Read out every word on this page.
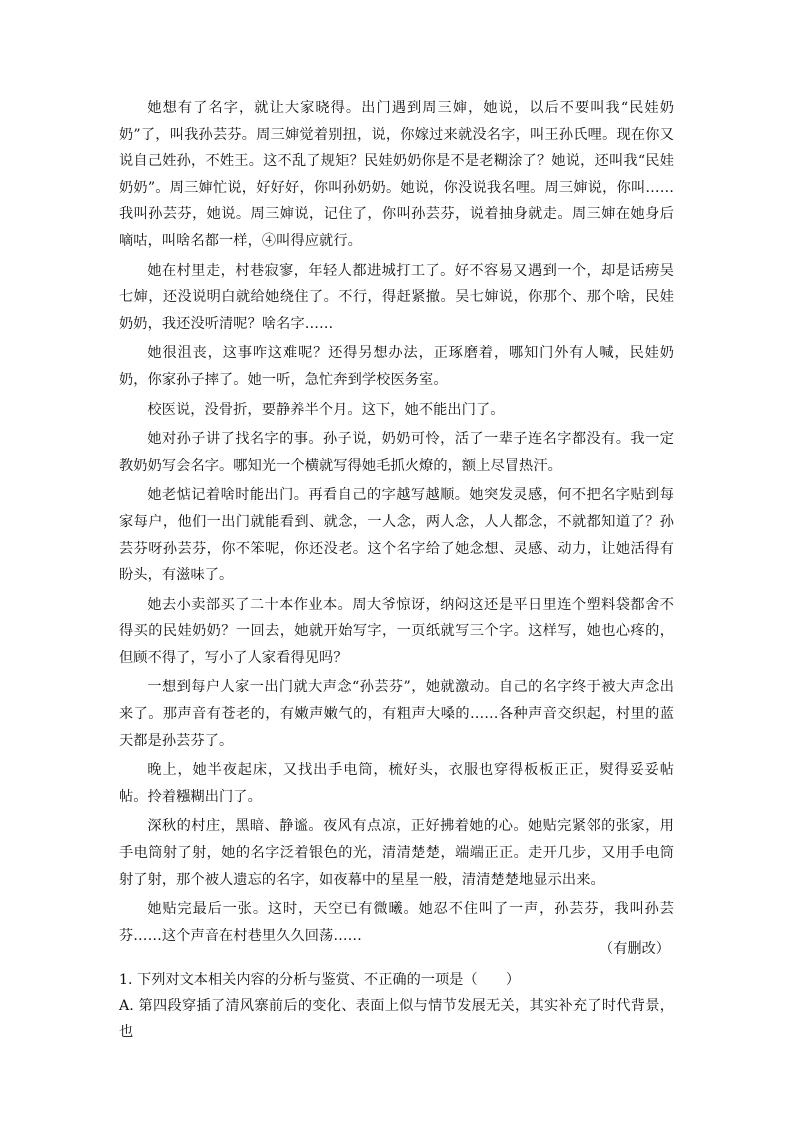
她想有了名字，就让大家晓得。出门遇到周三婶，她说，以后不要叫我“民娃奶奶”了，叫我孙芸芬。周三婶觉着别扭，说，你嫁过来就没名字，叫王孙氏哩。现在你又说自己姓孙，不姓王。这不乱了规矩？民娃奶奶你是不是老糊涂了？她说，还叫我“民娃奶奶”。周三婶忙说，好好好，你叫孙奶奶。她说，你没说我名哩。周三婶说，你叫……我叫孙芸芬，她说。周三婶说，记住了，你叫孙芸芬，说着抽身就走。周三婶在她身后嘀咕，叫啥名都一样，④叫得应就行。

她在村里走，村巷寂寥，年轻人都进城打工了。好不容易又遇到一个，却是话痨吴七婶，还没说明白就给她绕住了。不行，得赶紧撤。吴七婶说，你那个、那个啥，民娃奶奶，我还没听清呢？啥名字……

她很沮丧，这事咋这难呢？还得另想办法，正琢磨着，哪知门外有人喊，民娃奶奶，你家孙子摔了。她一听，急忙奔到学校医务室。

校医说，没骨折，要静养半个月。这下，她不能出门了。

她对孙子讲了找名字的事。孙子说，奶奶可怜，活了一辈子连名字都没有。我一定教奶奶写会名字。哪知光一个横就写得她毛抓火燎的，额上尽冒热汗。

她老惦记着啥时能出门。再看自己的字越写越顺。她突发灵感，何不把名字贴到每家每户，他们一出门就能看到、就念，一人念，两人念，人人都念，不就都知道了？孙芸芬呀孙芸芬，你不笨呢，你还没老。这个名字给了她念想、灵感、动力，让她活得有盼头，有滋味了。

她去小卖部买了二十本作业本。周大爷惊讶，纳闷这还是平日里连个塑料袋都舍不得买的民娃奶奶？一回去，她就开始写字，一页纸就写三个字。这样写，她也心疼的，但顾不得了，写小了人家看得见吗？

一想到每户人家一出门就大声念“孙芸芬”，她就激动。自己的名字终于被大声念出来了。那声音有苍老的，有嫩声嫩气的，有粗声大嗓的……各种声音交织起，村里的蓝天都是孙芸芬了。

晚上，她半夜起床，又找出手电筒，梳好头，衣服也穿得板板正正，熨得妥妥帖帖。拎着糨糊出门了。

深秋的村庄，黑暗、静谧。夜风有点凉，正好拂着她的心。她贴完紧邻的张家，用手电筒射了射，她的名字泛着银色的光，清清楚楚，端端正正。走开几步，又用手电筒射了射，那个被人遗忘的名字，如夜幕中的星星一般，清清楚楚地显示出来。

她贴完最后一张。这时，天空已有微曦。她忍不住叫了一声，孙芸芬，我叫孙芸芬……这个声音在村巷里久久回荡……

（有删改）

1. 下列对文本相关内容的分析与鉴赏、不正确的一项是（　　）

A. 第四段穿插了清风寨前后的变化、表面上似与情节发展无关，其实补充了时代背景，也
